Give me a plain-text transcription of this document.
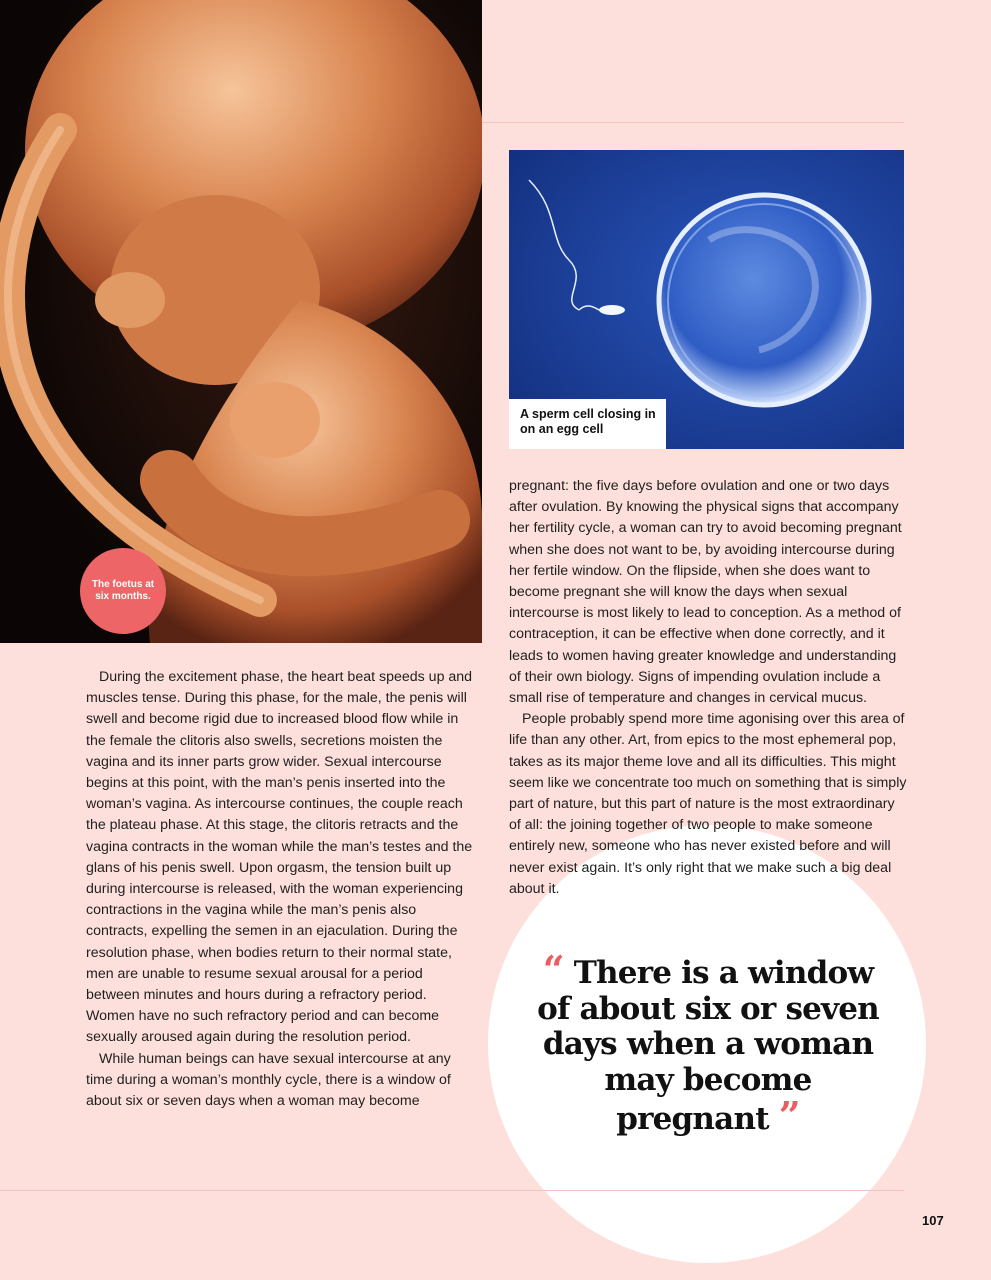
The foetus at six months.
A sperm cell closing in on an egg cell

During the excitement phase, the heart beat speeds up and muscles tense. During this phase, for the male, the penis will swell and become rigid due to increased blood flow while in the female the clitoris also swells, secretions moisten the vagina and its inner parts grow wider. Sexual intercourse begins at this point, with the man’s penis inserted into the woman’s vagina. As intercourse continues, the couple reach the plateau phase. At this stage, the clitoris retracts and the vagina contracts in the woman while the man’s testes and the glans of his penis swell. Upon orgasm, the tension built up during intercourse is released, with the woman experiencing contractions in the vagina while the man’s penis also contracts, expelling the semen in an ejaculation. During the resolution phase, when bodies return to their normal state, men are unable to resume sexual arousal for a period between minutes and hours during a refractory period. Women have no such refractory period and can become sexually aroused again during the resolution period.

While human beings can have sexual intercourse at any time during a woman’s monthly cycle, there is a window of about six or seven days when a woman may become

pregnant: the five days before ovulation and one or two days after ovulation. By knowing the physical signs that accompany her fertility cycle, a woman can try to avoid becoming pregnant when she does not want to be, by avoiding intercourse during her fertile window. On the flipside, when she does want to become pregnant she will know the days when sexual intercourse is most likely to lead to conception. As a method of contraception, it can be effective when done correctly, and it leads to women having greater knowledge and understanding of their own biology. Signs of impending ovulation include a small rise of temperature and changes in cervical mucus.

People probably spend more time agonising over this area of life than any other. Art, from epics to the most ephemeral pop, takes as its major theme love and all its difficulties. This might seem like we concentrate too much on something that is simply part of nature, but this part of nature is the most extraordinary of all: the joining together of two people to make someone entirely new, someone who has never existed before and will never exist again. It’s only right that we make such a big deal about it.

“ There is a window of about six or seven days when a woman may become pregnant ”
107
